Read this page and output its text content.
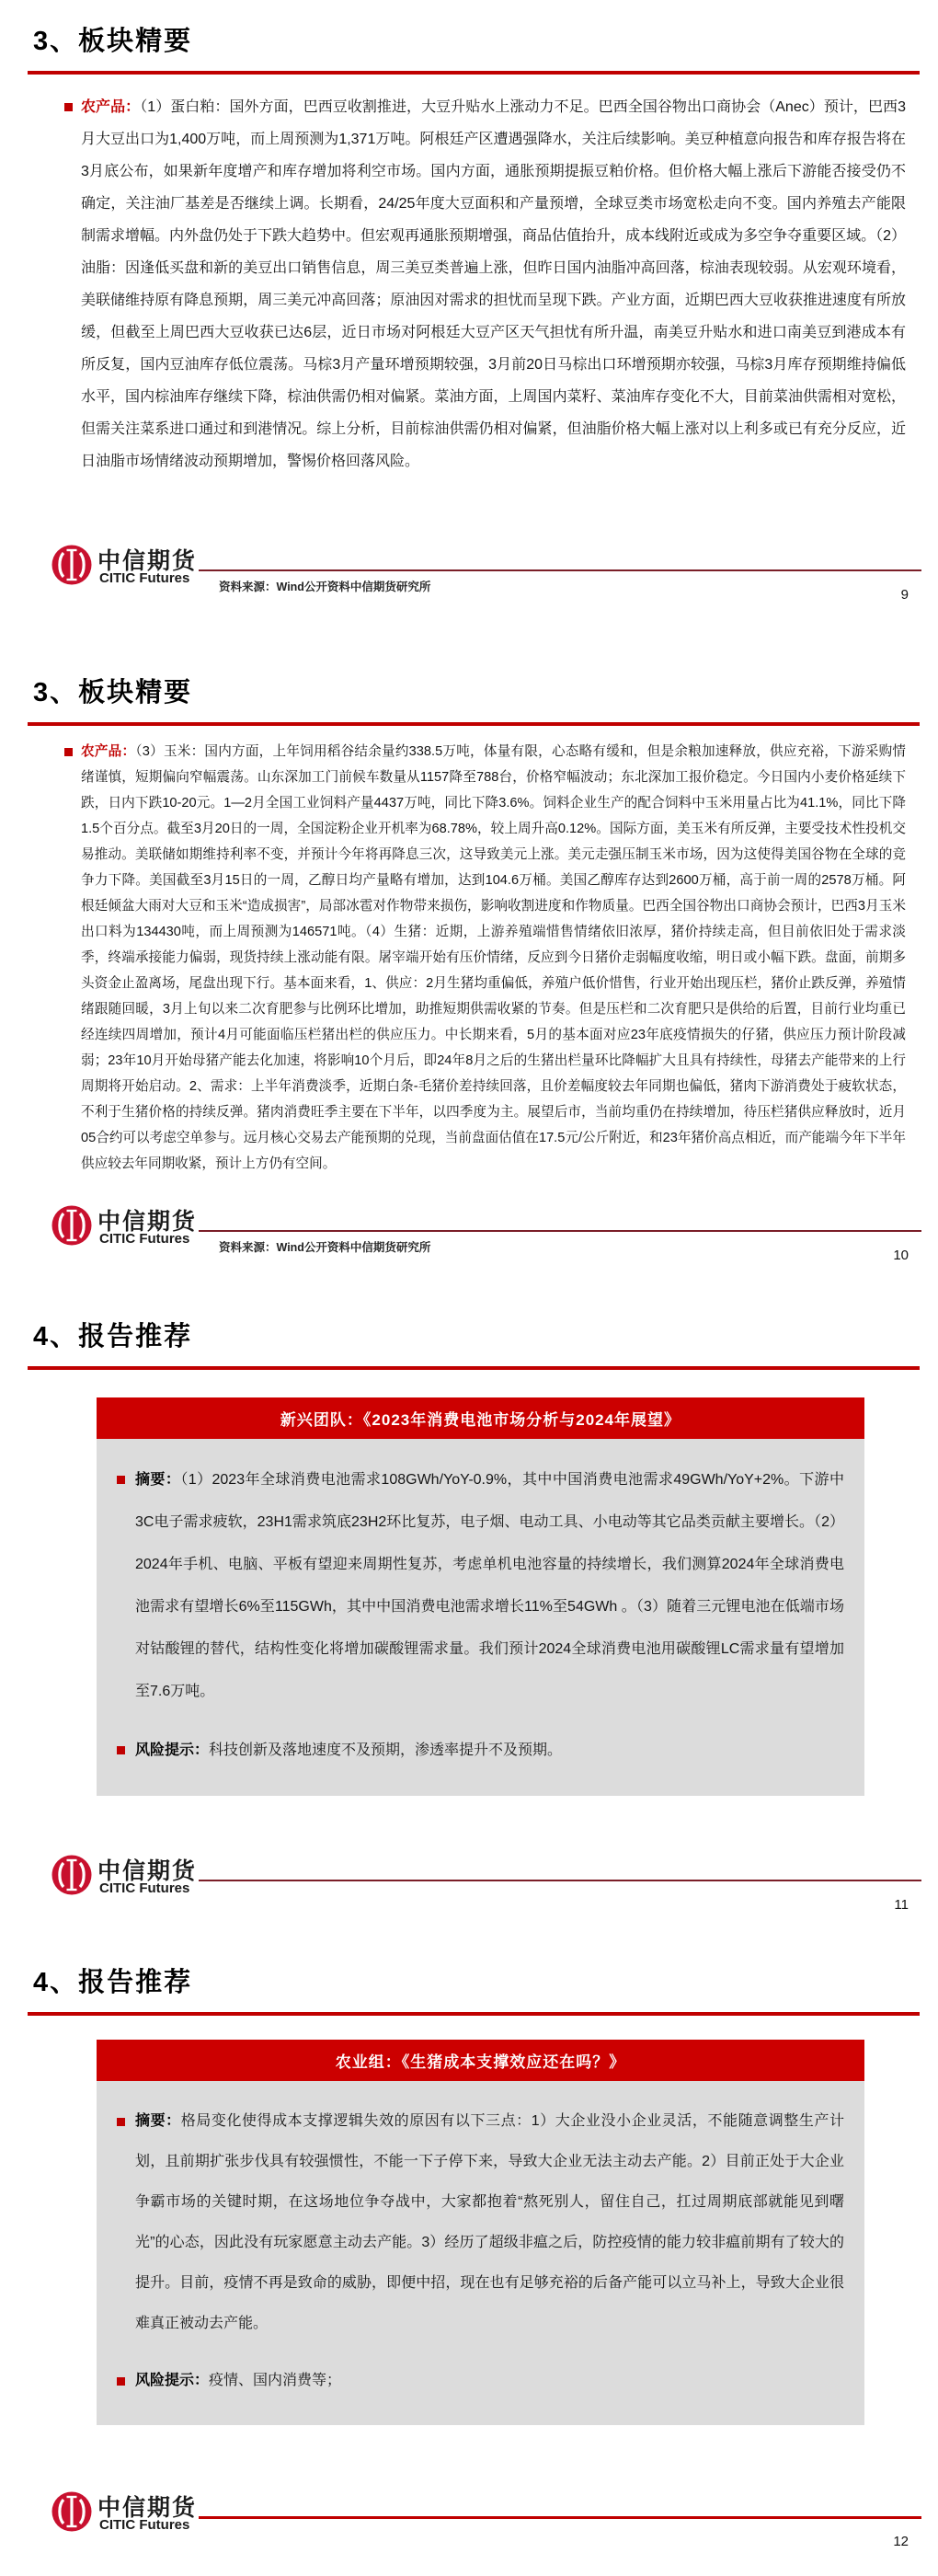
3、板块精要
农产品：（1）蛋白粕：国外方面，巴西豆收割推进，大豆升贴水上涨动力不足。巴西全国谷物出口商协会（Anec）预计，巴西3月大豆出口为1,400万吨，而上周预测为1,371万吨。阿根廷产区遭遇强降水，关注后续影响。美豆种植意向报告和库存报告将在3月底公布，如果新年度增产和库存增加将利空市场。国内方面，通胀预期提振豆粕价格。但价格大幅上涨后下游能否接受仍不确定，关注油厂基差是否继续上调。长期看，24/25年度大豆面积和产量预增，全球豆类市场宽松走向不变。国内养殖去产能限制需求增幅。内外盘仍处于下跌大趋势中。但宏观再通胀预期增强，商品估值抬升，成本线附近或成为多空争夺重要区域。（2）油脂：因逢低买盘和新的美豆出口销售信息，周三美豆类普遍上涨，但昨日国内油脂冲高回落，棕油表现较弱。从宏观环境看，美联储维持原有降息预期，周三美元冲高回落；原油因对需求的担忧而呈现下跌。产业方面，近期巴西大豆收获推进速度有所放缓，但截至上周巴西大豆收获已达6层，近日市场对阿根廷大豆产区天气担忧有所升温，南美豆升贴水和进口南美豆到港成本有所反复，国内豆油库存低位震荡。马棕3月产量环增预期较强，3月前20日马棕出口环增预期亦较强，马棕3月库存预期维持偏低水平，国内棕油库存继续下降，棕油供需仍相对偏紧。菜油方面，上周国内菜籽、菜油库存变化不大，目前菜油供需相对宽松，但需关注菜系进口通过和到港情况。综上分析，目前棕油供需仍相对偏紧，但油脂价格大幅上涨对以上利多或已有充分反应，近日油脂市场情绪波动预期增加，警惕价格回落风险。
中信期货
CITIC Futures
资料来源：Wind公开资料中信期货研究所	9
3、板块精要
农产品：（3）玉米：国内方面，上年饲用稻谷结余量约338.5万吨，体量有限，心态略有缓和，但是余粮加速释放，供应充裕，下游采购情绪谨慎，短期偏向窄幅震荡。山东深加工门前候车数量从1157降至788台，价格窄幅波动；东北深加工报价稳定。今日国内小麦价格延续下跌，日内下跌10-20元。1—2月全国工业饲料产量4437万吨，同比下降3.6%。饲料企业生产的配合饲料中玉米用量占比为41.1%，同比下降1.5个百分点。截至3月20日的一周，全国淀粉企业开机率为68.78%，较上周升高0.12%。国际方面，美玉米有所反弹，主要受技术性投机交易推动。美联储如期维持利率不变，并预计今年将再降息三次，这导致美元上涨。美元走强压制玉米市场，因为这使得美国谷物在全球的竞争力下降。美国截至3月15日的一周，乙醇日均产量略有增加，达到104.6万桶。美国乙醇库存达到2600万桶，高于前一周的2578万桶。阿根廷倾盆大雨对大豆和玉米“造成损害”，局部冰雹对作物带来损伤，影响收割进度和作物质量。巴西全国谷物出口商协会预计，巴西3月玉米出口料为134430吨，而上周预测为146571吨。（4）生猪：近期，上游养殖端惜售情绪依旧浓厚，猪价持续走高，但目前依旧处于需求淡季，终端承接能力偏弱，现货持续上涨动能有限。屠宰端开始有压价情绪，反应到今日猪价走弱幅度收缩，明日或小幅下跌。盘面，前期多头资金止盈离场，尾盘出现下行。基本面来看，1、供应：2月生猪均重偏低，养殖户低价惜售，行业开始出现压栏，猪价止跌反弹，养殖情绪跟随回暖，3月上旬以来二次育肥参与比例环比增加，助推短期供需收紧的节奏。但是压栏和二次育肥只是供给的后置，目前行业均重已经连续四周增加，预计4月可能面临压栏猪出栏的供应压力。中长期来看，5月的基本面对应23年底疫情损失的仔猪，供应压力预计阶段减弱；23年10月开始母猪产能去化加速，将影响10个月后，即24年8月之后的生猪出栏量环比降幅扩大且具有持续性，母猪去产能带来的上行周期将开始启动。2、需求：上半年消费淡季，近期白条-毛猪价差持续回落，且价差幅度较去年同期也偏低，猪肉下游消费处于疲软状态，不利于生猪价格的持续反弹。猪肉消费旺季主要在下半年，以四季度为主。展望后市，当前均重仍在持续增加，待压栏猪供应释放时，近月05合约可以考虑空单参与。远月核心交易去产能预期的兑现，当前盘面估值在17.5元/公斤附近，和23年猪价高点相近，而产能端今年下半年供应较去年同期收紧，预计上方仍有空间。
中信期货
CITIC Futures
资料来源：Wind公开资料中信期货研究所	10
4、报告推荐
新兴团队：《2023年消费电池市场分析与2024年展望》
摘要：（1）2023年全球消费电池需求108GWh/YoY-0.9%，其中中国消费电池需求49GWh/YoY+2%。下游中3C电子需求疲软，23H1需求筑底23H2环比复苏，电子烟、电动工具、小电动等其它品类贡献主要增长。（2）2024年手机、电脑、平板有望迎来周期性复苏，考虑单机电池容量的持续增长，我们测算2024年全球消费电池需求有望增长6%至115GWh，其中中国消费电池需求增长11%至54GWh 。（3）随着三元锂电池在低端市场对钴酸锂的替代，结构性变化将增加碳酸锂需求量。我们预计2024全球消费电池用碳酸锂LC需求量有望增加至7.6万吨。
风险提示：科技创新及落地速度不及预期，渗透率提升不及预期。
中信期货
CITIC Futures
11
4、报告推荐
农业组：《生猪成本支撑效应还在吗？》
摘要：格局变化使得成本支撑逻辑失效的原因有以下三点：1）大企业没小企业灵活，不能随意调整生产计划，且前期扩张步伐具有较强惯性，不能一下子停下来，导致大企业无法主动去产能。2）目前正处于大企业争霸市场的关键时期，在这场地位争夺战中，大家都抱着“熬死别人，留住自己，扛过周期底部就能见到曙光”的心态，因此没有玩家愿意主动去产能。3）经历了超级非瘟之后，防控疫情的能力较非瘟前期有了较大的提升。目前，疫情不再是致命的威胁，即便中招，现在也有足够充裕的后备产能可以立马补上，导致大企业很难真正被动去产能。
风险提示：疫情、国内消费等；
中信期货
CITIC Futures
12
